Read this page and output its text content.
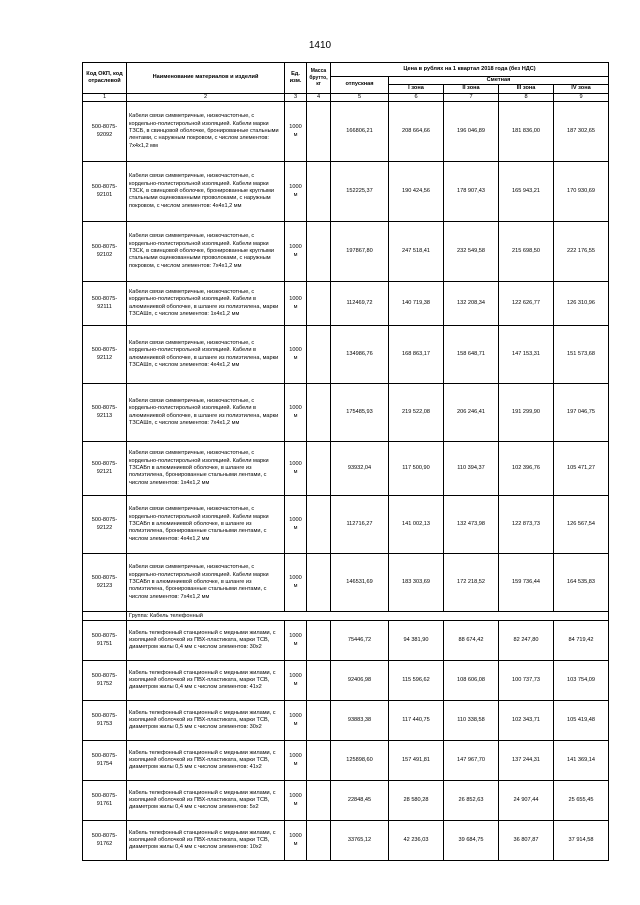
1410
Код ОКП, код отраслевой	Наименование материалов и изделий	Ед. изм.	Масса брутто, кг	Цена в рублях на 1 квартал 2018 года (без НДС)				
				отпускная	Сметная			
					I зона	II зона	III зона	IV зона
1	2	3	4	5	6	7	8	9
500-8075-92092	Кабели связи симметричные, низкочастотные, с кордельно-полистирольной изоляцией. Кабели марки ТЗСБ, в свинцовой оболочке, бронированные стальными лентами, с наружным покровом, с числом элементов: 7x4x1,2 мм	1000 м		166806,21	208 664,66	196 046,89	181 836,00	187 302,65
500-8075-92101	Кабели связи симметричные, низкочастотные, с кордельно-полистирольной изоляцией. Кабели марки ТЗСК, в свинцовой оболочке, бронированные круглыми стальными оцинкованными проволоками, с наружным покровом, с числом элементов: 4x4x1,2 мм	1000 м		152225,37	190 424,56	178 907,43	165 943,21	170 930,69
500-8075-92102	Кабели связи симметричные, низкочастотные, с кордельно-полистирольной изоляцией. Кабели марки ТЗСК, в свинцовой оболочке, бронированные круглыми стальными оцинкованными проволоками, с наружным покровом, с числом элементов: 7x4x1,2 мм	1000 м		197867,80	247 518,41	232 549,58	215 698,50	222 176,55
500-8075-92111	Кабели связи симметричные, низкочастотные, с кордельно-полистирольной изоляцией. Кабели в алюминиевой оболочке, в шланге из полиэтилена, марки ТЗСАШп, с числом элементов: 1x4x1,2 мм	1000 м		112469,72	140 719,38	132 208,34	122 626,77	126 310,96
500-8075-92112	Кабели связи симметричные, низкочастотные, с кордельно-полистирольной изоляцией. Кабели в алюминиевой оболочке, в шланге из полиэтилена, марки ТЗСАШп, с числом элементов: 4x4x1,2 мм	1000 м		134986,76	168 863,17	158 648,71	147 153,31	151 573,68
500-8075-92113	Кабели связи симметричные, низкочастотные, с кордельно-полистирольной изоляцией. Кабели в алюминиевой оболочке, в шланге из полиэтилена, марки ТЗСАШп, с числом элементов: 7x4x1,2 мм	1000 м		175485,93	219 522,08	206 246,41	191 299,90	197 046,75
500-8075-92121	Кабели связи симметричные, низкочастотные, с кордельно-полистирольной изоляцией. Кабели марки ТЗСАБп в алюминиевой оболочке, в шланге из полиэтилена, бронированные стальными лентами, с числом элементов: 1x4x1,2 мм	1000 м		93932,04	117 500,90	110 394,37	102 396,76	105 471,27
500-8075-92122	Кабели связи симметричные, низкочастотные, с кордельно-полистирольной изоляцией. Кабели марки ТЗСАБп в алюминиевой оболочке, в шланге из полиэтилена, бронированные стальными лентами, с числом элементов: 4x4x1,2 мм	1000 м		112716,27	141 002,13	132 473,98	122 873,73	126 567,54
500-8075-92123	Кабели связи симметричные, низкочастотные, с кордельно-полистирольной изоляцией. Кабели марки ТЗСАБп в алюминиевой оболочке, в шланге из полиэтилена, бронированные стальными лентами, с числом элементов: 7x4x1,2 мм	1000 м		146531,69	183 303,69	172 218,52	159 736,44	164 535,83
	Группа: Кабель телефонный							
500-8075-91751	Кабель телефонный станционный с медными жилами, с изоляцией оболочкой из ПВХ-пластиката, марки ТСВ, диаметром жилы 0,4 мм с числом элементов: 30x2	1000 м		75446,72	94 381,90	88 674,42	82 247,80	84 719,42
500-8075-91752	Кабель телефонный станционный с медными жилами, с изоляцией оболочкой из ПВХ-пластиката, марки ТСВ, диаметром жилы 0,4 мм с числом элементов: 41x2	1000 м		92406,98	115 596,62	108 606,08	100 737,73	103 754,09
500-8075-91753	Кабель телефонный станционный с медными жилами, с изоляцией оболочкой из ПВХ-пластиката, марки ТСВ, диаметром жилы 0,5 мм с числом элементов: 30x2	1000 м		93883,38	117 440,75	110 338,58	102 343,71	105 419,48
500-8075-91754	Кабель телефонный станционный с медными жилами, с изоляцией оболочкой из ПВХ-пластиката, марки ТСВ, диаметром жилы 0,5 мм с числом элементов: 41x2	1000 м		125898,60	157 491,81	147 967,70	137 244,31	141 369,14
500-8075-91761	Кабель телефонный станционный с медными жилами, с изоляцией оболочкой из ПВХ-пластиката, марки ТСВ, диаметром жилы 0,4 мм с числом элементов: 5x2	1000 м		22848,45	28 580,28	26 852,63	24 907,44	25 655,45
500-8075-91762	Кабель телефонный станционный с медными жилами, с изоляцией оболочкой из ПВХ-пластиката, марки ТСВ, диаметром жилы 0,4 мм с числом элементов: 10x2	1000 м		33765,12	42 236,03	39 684,75	36 807,87	37 914,58
